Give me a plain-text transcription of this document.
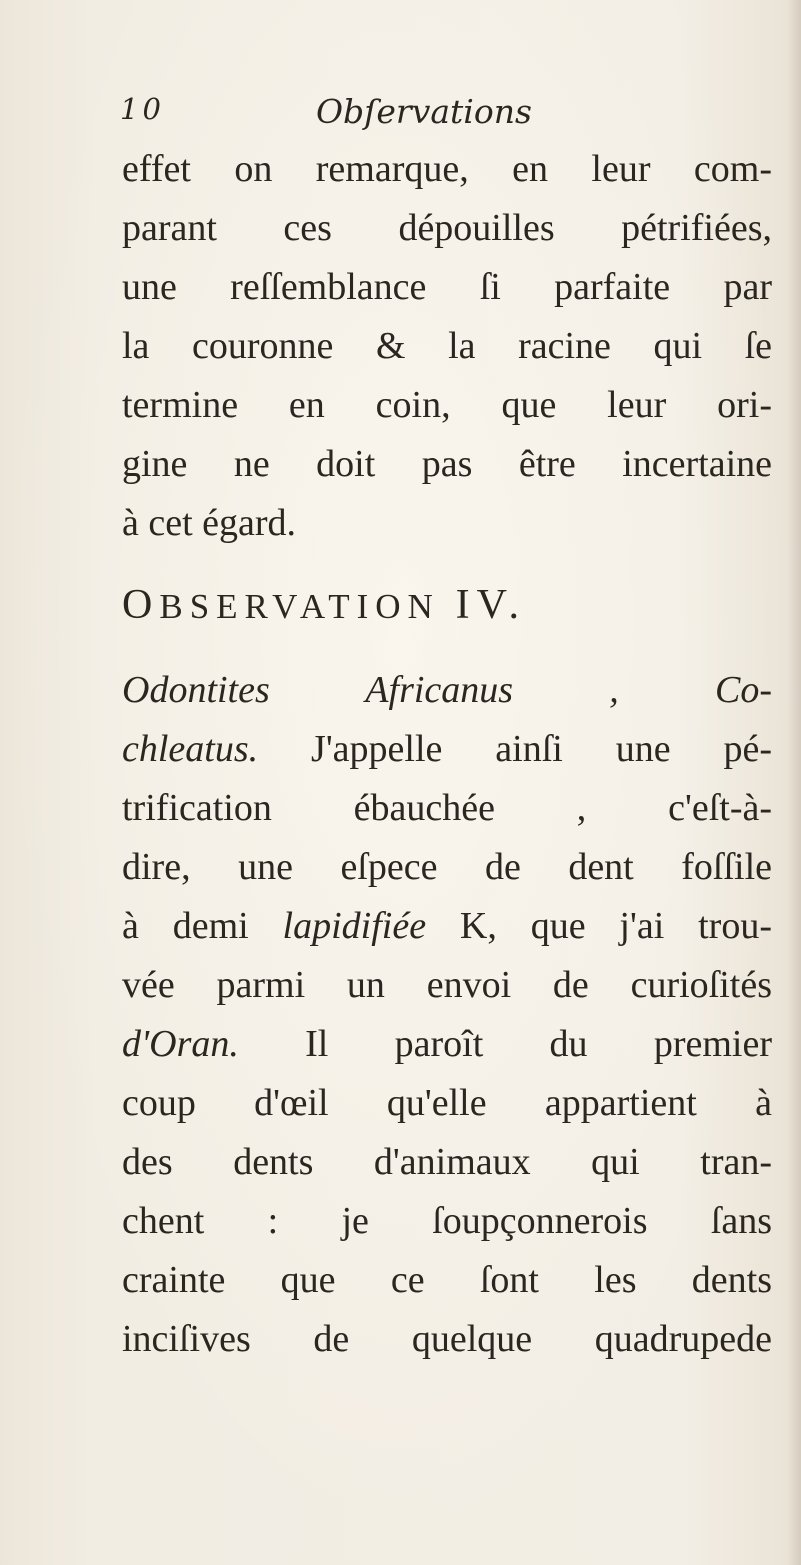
10	Obſervations
effet on remarque, en leur com-
parant ces dépouilles pétrifiées,
une reſſemblance ſi parfaite par
la couronne & la racine qui ſe
termine en coin, que leur ori-
gine ne doit pas être incertaine
à cet égard.
OBSERVATION IV.
Odontites Africanus , Co-
chleatus. J'appelle ainſi une pé-
trification ébauchée , c'eſt-à-
dire, une eſpece de dent foſſile
à demi lapidifiée K, que j'ai trou-
vée parmi un envoi de curioſités
d'Oran. Il paroît du premier
coup d'œil qu'elle appartient à
des dents d'animaux qui tran-
chent : je ſoupçonnerois ſans
crainte que ce ſont les dents
inciſives de quelque quadrupede
